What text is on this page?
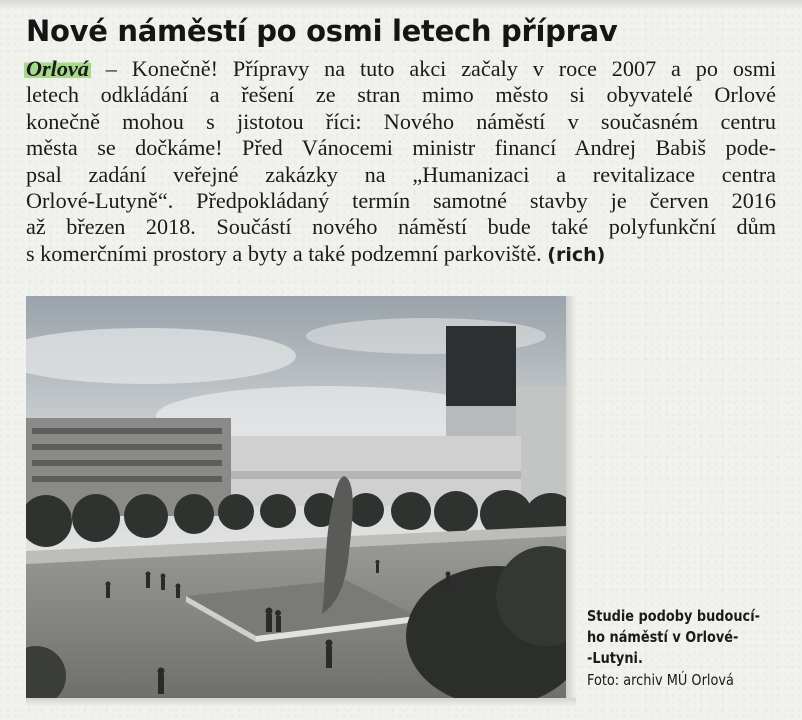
Nové náměstí po osmi letech příprav

Orlová – Konečně! Přípravy na tuto akci začaly v roce 2007 a po osmi
letech odkládání a řešení ze stran mimo město si obyvatelé Orlové
konečně mohou s jistotou říci: Nového náměstí v současném centru
města se dočkáme! Před Vánocemi ministr financí Andrej Babiš pode-
psal zadání veřejné zakázky na „Humanizaci a revitalizace centra
Orlové-Lutyně“. Předpokládaný termín samotné stavby je červen 2016
až březen 2018. Součástí nového náměstí bude také polyfunkční dům
s komerčními prostory a byty a také podzemní parkoviště. (rich)

Studie podoby budoucí-
ho náměstí v Orlové-
-Lutyni.
Foto: archiv MÚ Orlová
